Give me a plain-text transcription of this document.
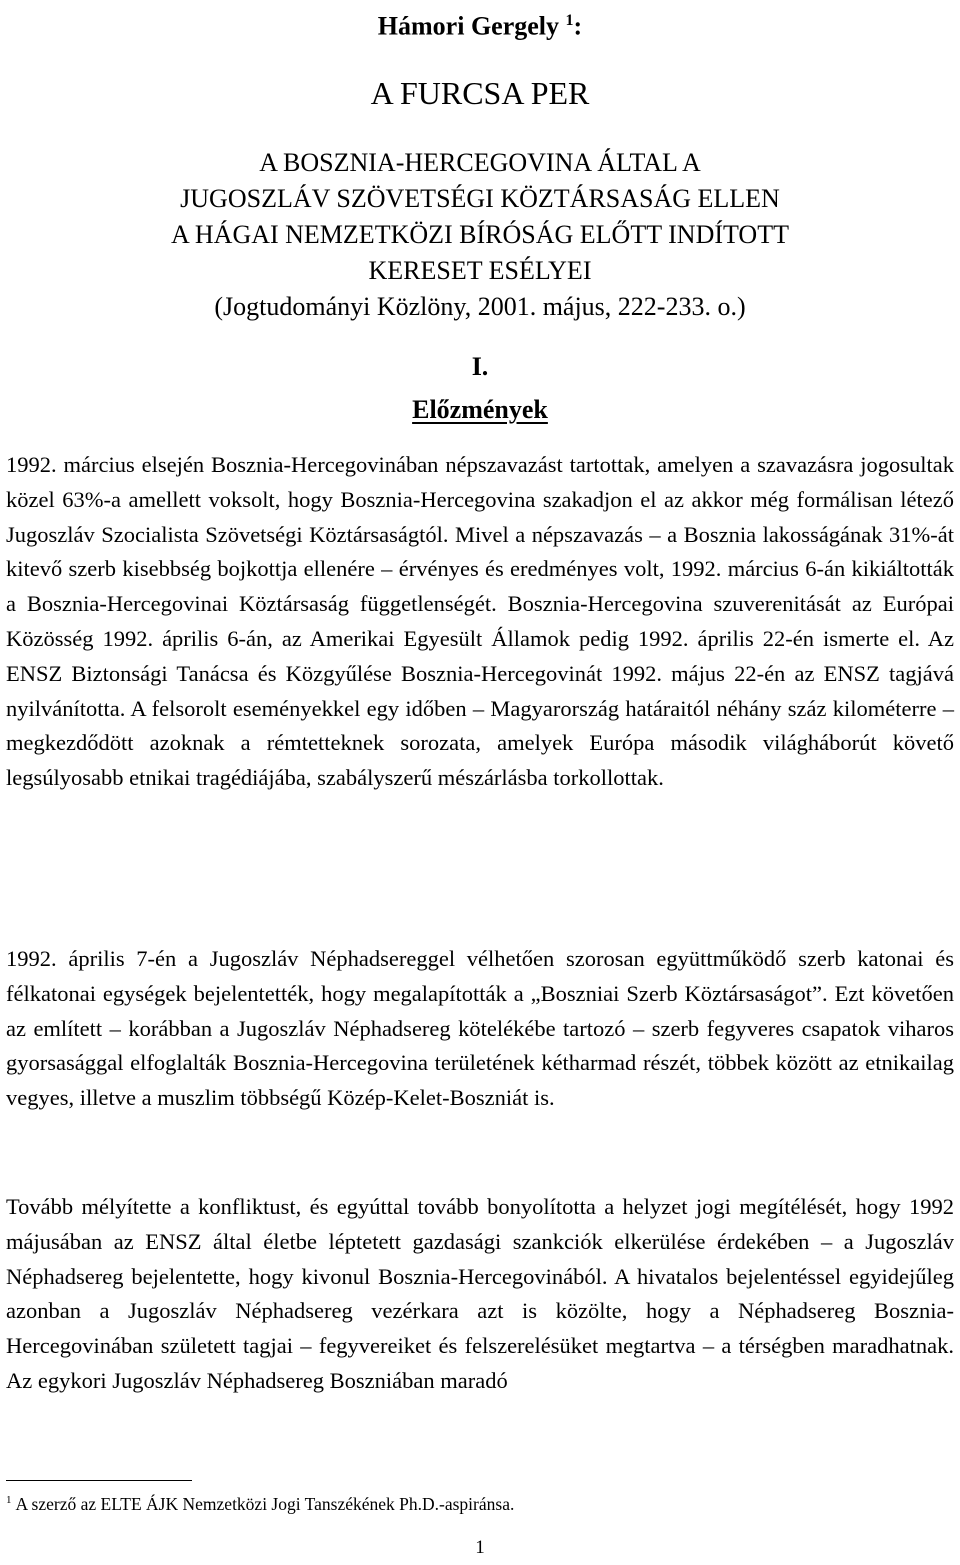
Hámori Gergely $^1$:
A FURCSA PER
A BOSZNIA-HERCEGOVINA ÁLTAL A
JUGOSZLÁV SZÖVETSÉGI KÖZTÁRSASÁG ELLEN
A HÁGAI NEMZETKÖZI BÍRÓSÁG ELŐTT INDÍTOTT
KERESET ESÉLYEI
(Jogtudományi Közlöny, 2001. május, 222-233. o.)
I.
Előzmények

1992. március elsején Bosznia-Hercegovinában népszavazást tartottak, amelyen a szavazásra jogosultak közel 63%-a amellett voksolt, hogy Bosznia-Hercegovina szakadjon el az akkor még formálisan létező Jugoszláv Szocialista Szövetségi Köztársaságtól. Mivel a népszavazás – a Bosznia lakosságának 31%-át kitevő szerb kisebbség bojkottja ellenére – érvényes és eredményes volt, 1992. március 6-án kikiáltották a Bosznia-Hercegovinai Köztársaság függetlenségét. Bosznia-Hercegovina szuverenitását az Európai Közösség 1992. április 6-án, az Amerikai Egyesült Államok pedig 1992. április 22-én ismerte el. Az ENSZ Biztonsági Tanácsa és Közgyűlése Bosznia-Hercegovinát 1992. május 22-én az ENSZ tagjává nyilvánította. A felsorolt eseményekkel egy időben – Magyarország határaitól néhány száz kilométerre – megkezdődött azoknak a rémtetteknek sorozata, amelyek Európa második világháborút követő legsúlyosabb etnikai tragédiájába, szabályszerű mészárlásba torkollottak.

1992. április 7-én a Jugoszláv Néphadsereggel vélhetően szorosan együttműködő szerb katonai és félkatonai egységek bejelentették, hogy megalapították a „Boszniai Szerb Köztársaságot”. Ezt követően az említett – korábban a Jugoszláv Néphadsereg kötelékébe tartozó – szerb fegyveres csapatok viharos gyorsasággal elfoglalták Bosznia-Hercegovina területének kétharmad részét, többek között az etnikailag vegyes, illetve a muszlim többségű Közép-Kelet-Boszniát is.

Tovább mélyítette a konfliktust, és egyúttal tovább bonyolította a helyzet jogi megítélését, hogy 1992 májusában az ENSZ által életbe léptetett gazdasági szankciók elkerülése érdekében – a Jugoszláv Néphadsereg bejelentette, hogy kivonul Bosznia-Hercegovinából. A hivatalos bejelentéssel egyidejűleg azonban a Jugoszláv Néphadsereg vezérkara azt is közölte, hogy a Néphadsereg Bosznia-Hercegovinában született tagjai – fegyvereiket és felszerelésüket megtartva – a térségben maradhatnak. Az egykori Jugoszláv Néphadsereg Boszniában maradó

$^1$ A szerző az ELTE ÁJK Nemzetközi Jogi Tanszékének Ph.D.-aspiránsa.
1
